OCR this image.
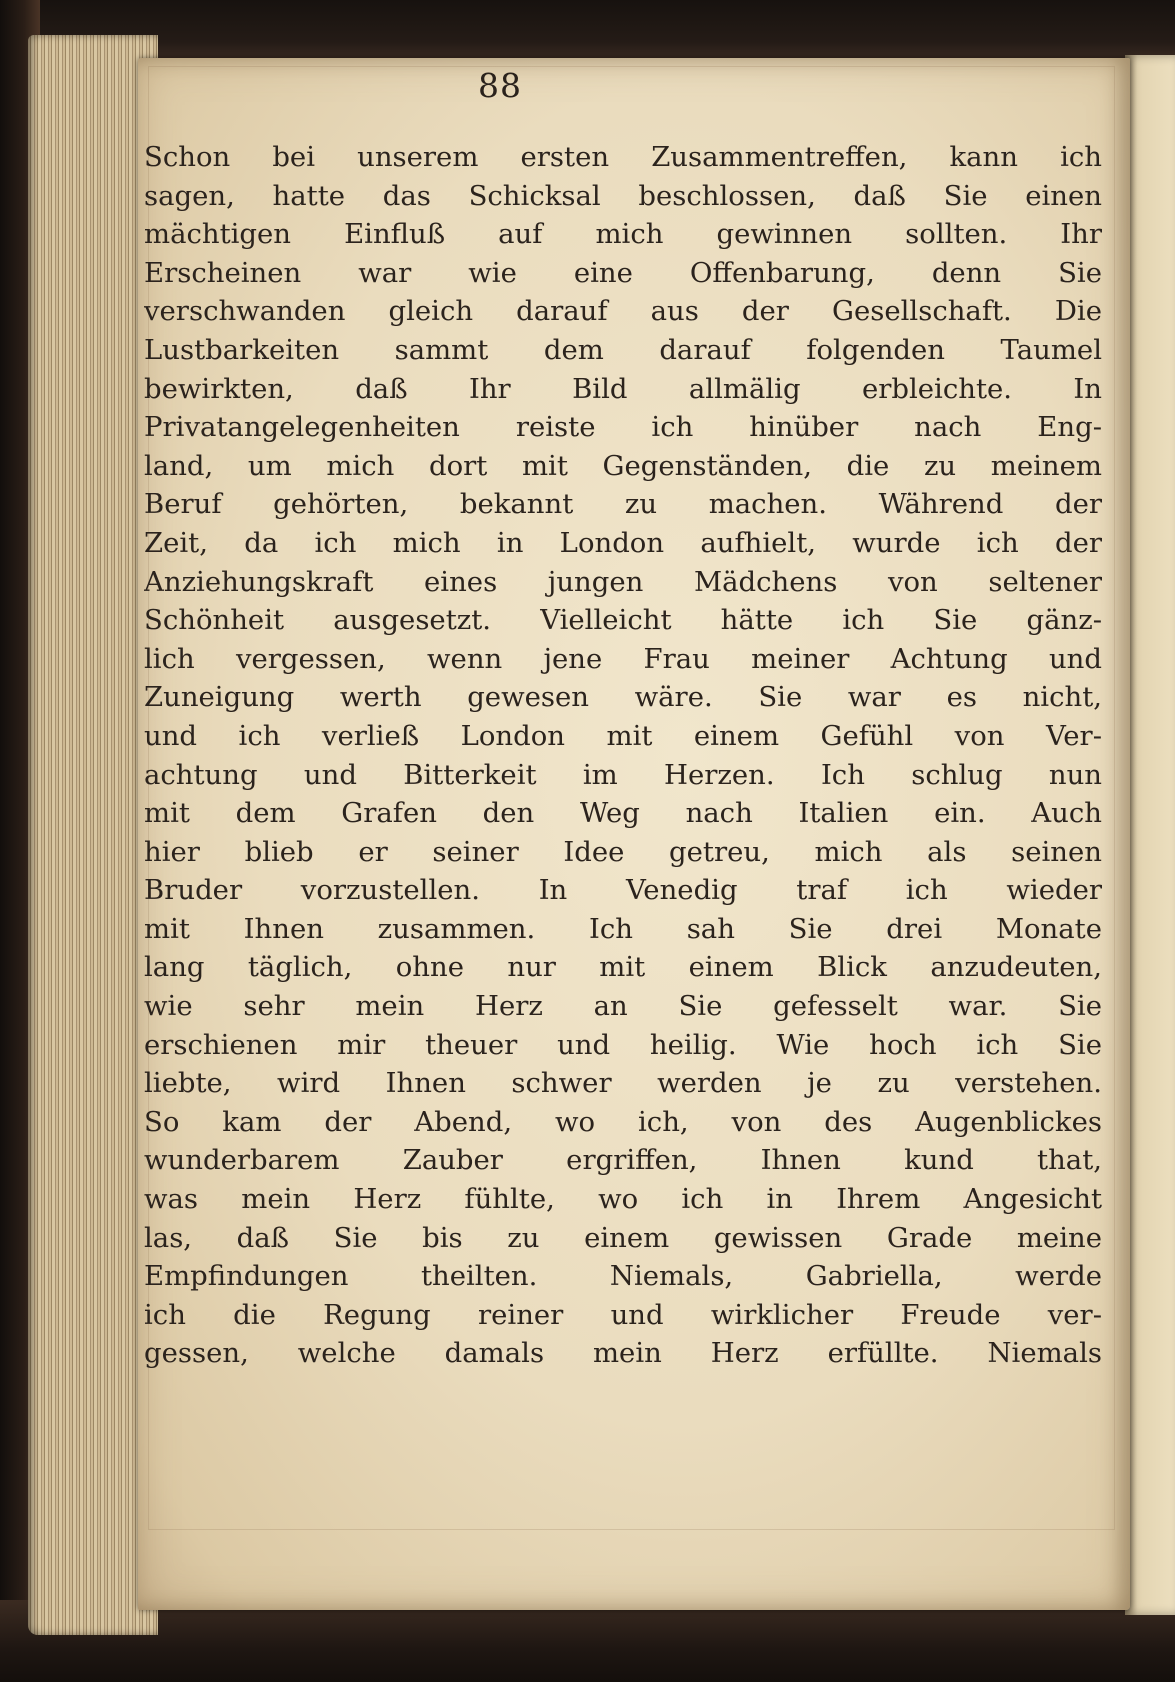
88
Schon bei unserem ersten Zusammentreffen, kann ich
sagen, hatte das Schicksal beschlossen, daß Sie einen
mächtigen Einfluß auf mich gewinnen sollten. Ihr
Erscheinen war wie eine Offenbarung, denn Sie
verschwanden gleich darauf aus der Gesellschaft. Die
Lustbarkeiten sammt dem darauf folgenden Taumel
bewirkten, daß Ihr Bild allmälig erbleichte. In
Privatangelegenheiten reiste ich hinüber nach Eng-
land, um mich dort mit Gegenständen, die zu meinem
Beruf gehörten, bekannt zu machen. Während der
Zeit, da ich mich in London aufhielt, wurde ich der
Anziehungskraft eines jungen Mädchens von seltener
Schönheit ausgesetzt. Vielleicht hätte ich Sie gänz-
lich vergessen, wenn jene Frau meiner Achtung und
Zuneigung werth gewesen wäre. Sie war es nicht,
und ich verließ London mit einem Gefühl von Ver-
achtung und Bitterkeit im Herzen. Ich schlug nun
mit dem Grafen den Weg nach Italien ein. Auch
hier blieb er seiner Idee getreu, mich als seinen
Bruder vorzustellen. In Venedig traf ich wieder
mit Ihnen zusammen. Ich sah Sie drei Monate
lang täglich, ohne nur mit einem Blick anzudeuten,
wie sehr mein Herz an Sie gefesselt war. Sie
erschienen mir theuer und heilig. Wie hoch ich Sie
liebte, wird Ihnen schwer werden je zu verstehen.
So kam der Abend, wo ich, von des Augenblickes
wunderbarem Zauber ergriffen, Ihnen kund that,
was mein Herz fühlte, wo ich in Ihrem Angesicht
las, daß Sie bis zu einem gewissen Grade meine
Empfindungen theilten. Niemals, Gabriella, werde
ich die Regung reiner und wirklicher Freude ver-
gessen, welche damals mein Herz erfüllte. Niemals
